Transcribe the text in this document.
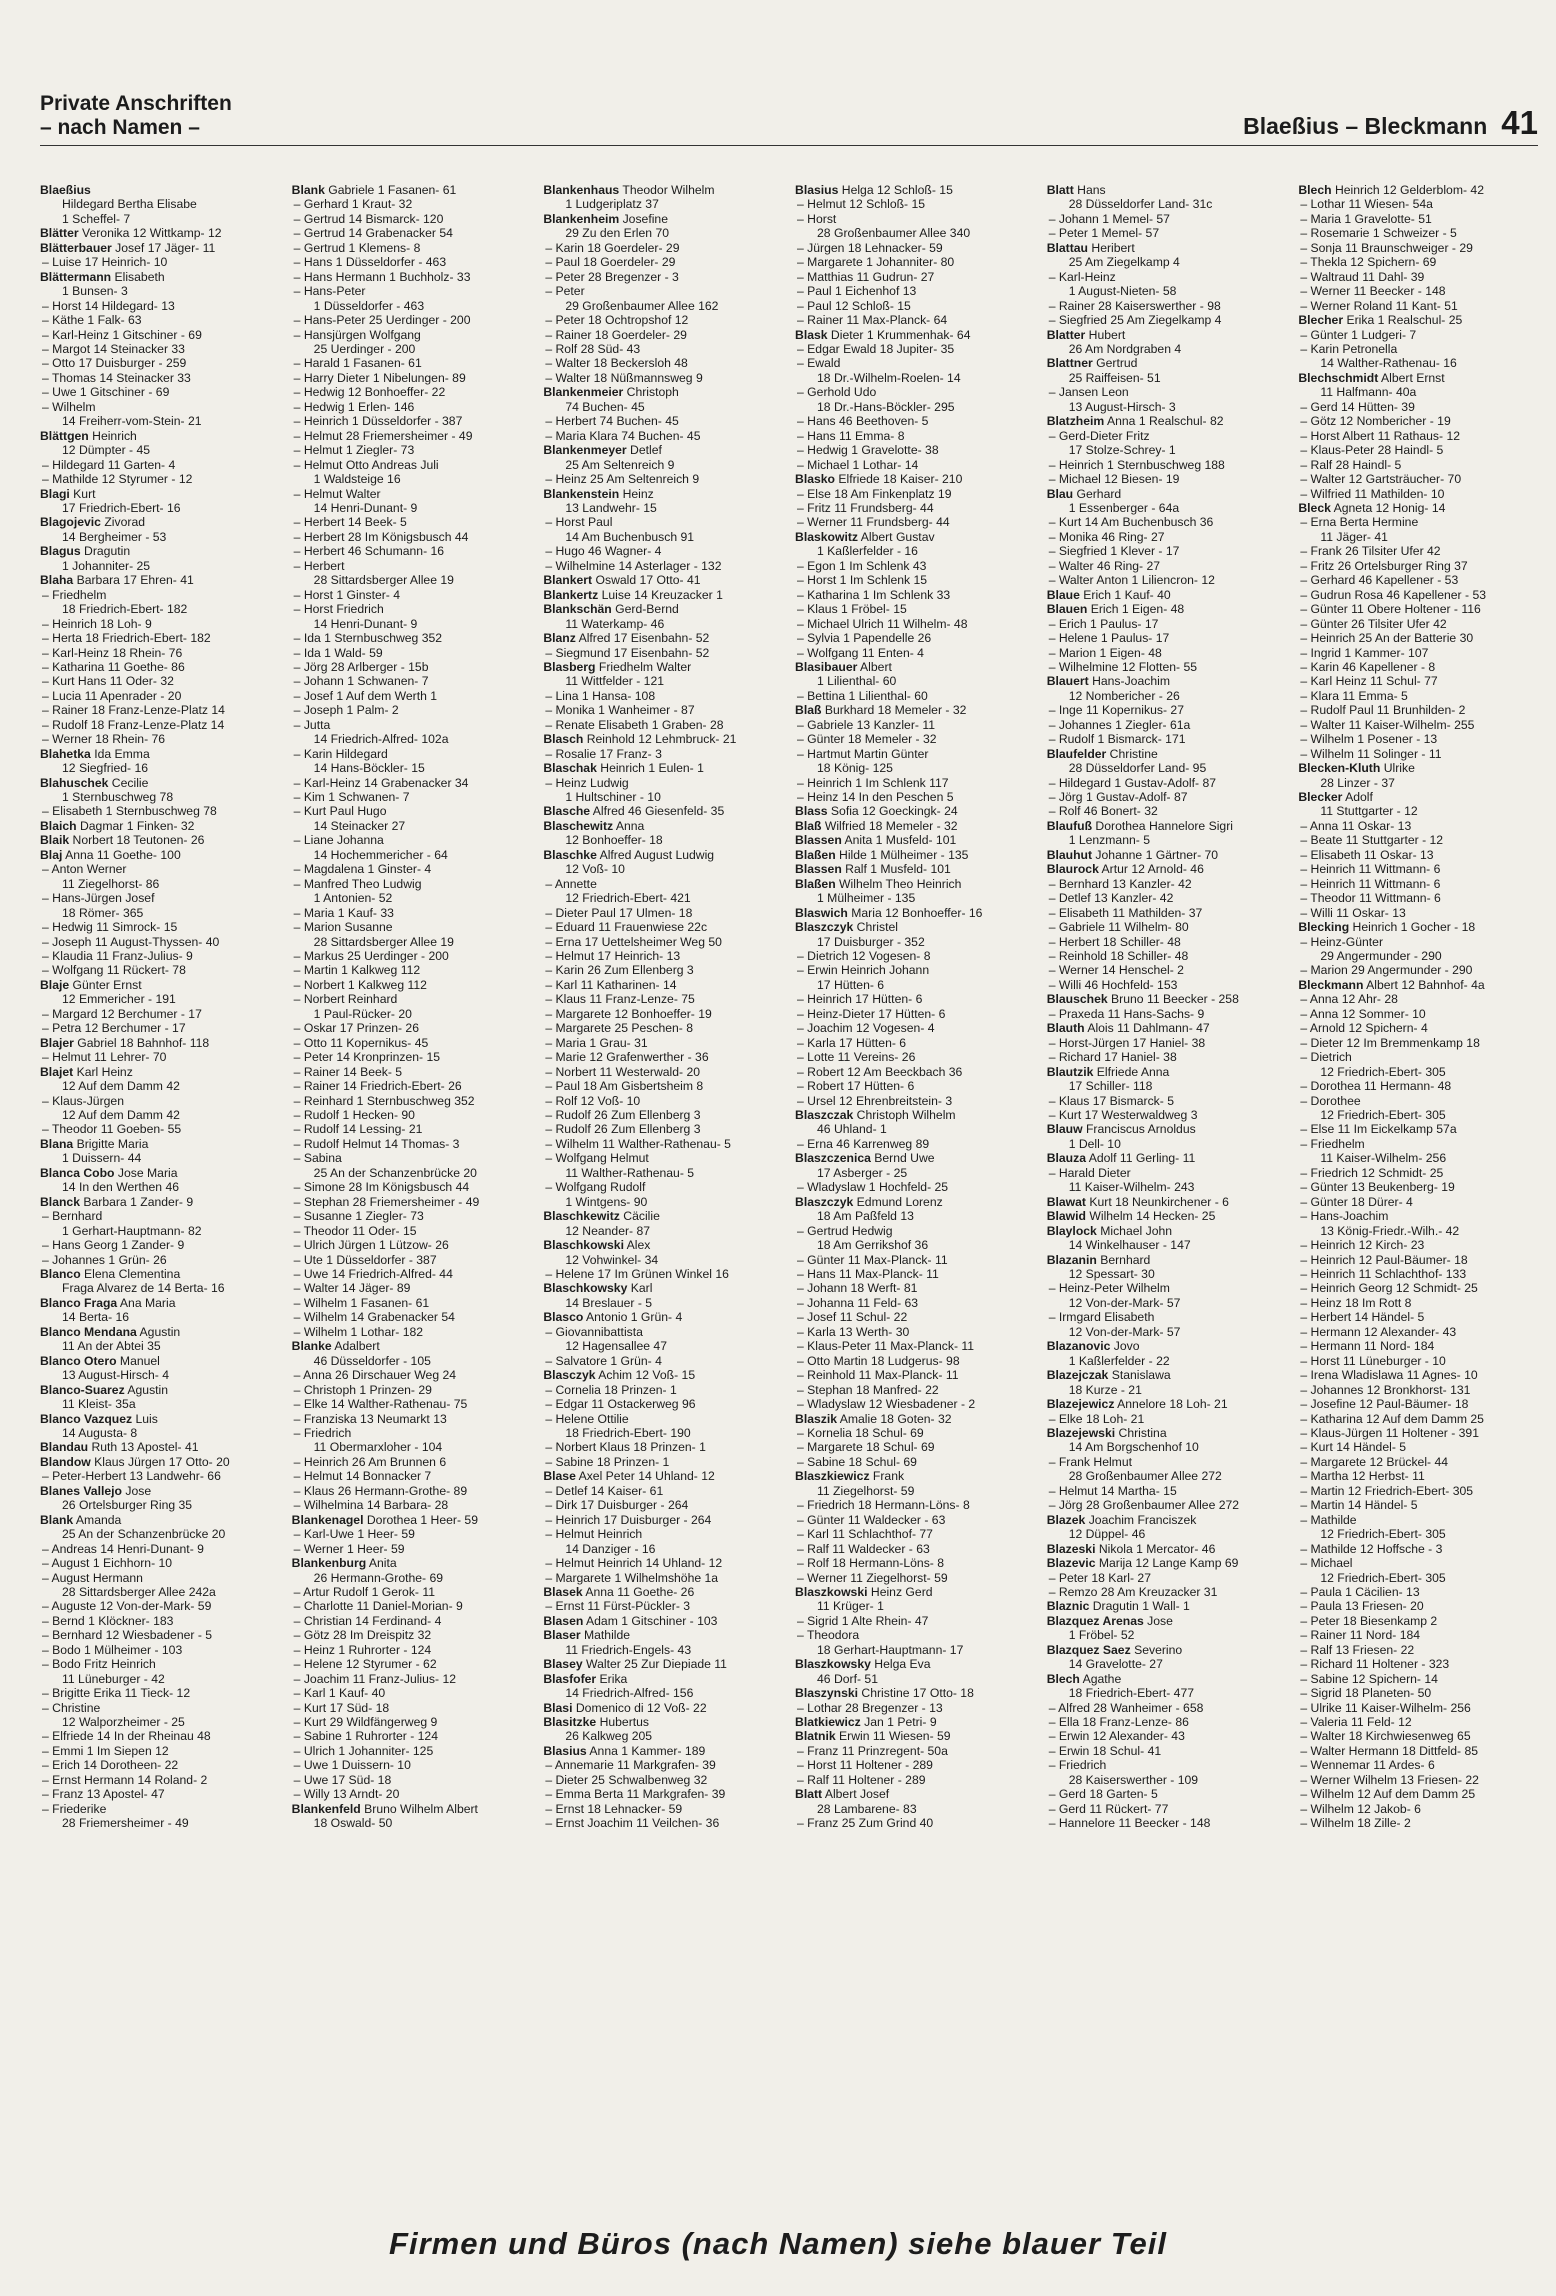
Private Anschriften
– nach Namen –	Blaeßius – Bleckmann 41
Blaeßius
Hildegard Bertha Elisabe
1 Scheffel- 7
Blätter Veronika 12 Wittkamp- 12
Blätterbauer Josef 17 Jäger- 11
– Luise 17 Heinrich- 10
Blättermann Elisabeth
1 Bunsen- 3
– Horst 14 Hildegard- 13
– Käthe 1 Falk- 63
– Karl-Heinz 1 Gitschiner - 69
– Margot 14 Steinacker 33
– Otto 17 Duisburger - 259
– Thomas 14 Steinacker 33
– Uwe 1 Gitschiner - 69
– Wilhelm
14 Freiherr-vom-Stein- 21
Blättgen Heinrich
12 Dümpter - 45
– Hildegard 11 Garten- 4
– Mathilde 12 Styrumer - 12
Blagi Kurt
17 Friedrich-Ebert- 16
Blagojevic Zivorad
14 Bergheimer - 53
Blagus Dragutin
1 Johanniter- 25
Blaha Barbara 17 Ehren- 41
– Friedhelm
18 Friedrich-Ebert- 182
– Heinrich 18 Loh- 9
– Herta 18 Friedrich-Ebert- 182
– Karl-Heinz 18 Rhein- 76
– Katharina 11 Goethe- 86
– Kurt Hans 11 Oder- 32
– Lucia 11 Apenrader - 20
– Rainer 18 Franz-Lenze-Platz 14
– Rudolf 18 Franz-Lenze-Platz 14
– Werner 18 Rhein- 76
Blahetka Ida Emma
12 Siegfried- 16
Blahuschek Cecilie
1 Sternbuschweg 78
– Elisabeth 1 Sternbuschweg 78
Blaich Dagmar 1 Finken- 32
Blaik Norbert 18 Teutonen- 26
Blaj Anna 11 Goethe- 100
– Anton Werner
11 Ziegelhorst- 86
– Hans-Jürgen Josef
18 Römer- 365
– Hedwig 11 Simrock- 15
– Joseph 11 August-Thyssen- 40
– Klaudia 11 Franz-Julius- 9
– Wolfgang 11 Rückert- 78
Blaje Günter Ernst
12 Emmericher - 191
– Margard 12 Berchumer - 17
– Petra 12 Berchumer - 17
Blajer Gabriel 18 Bahnhof- 118
– Helmut 11 Lehrer- 70
Blajet Karl Heinz
12 Auf dem Damm 42
– Klaus-Jürgen
12 Auf dem Damm 42
– Theodor 11 Goeben- 55
Blana Brigitte Maria
1 Duissern- 44
Blanca Cobo Jose Maria
14 In den Werthen 46
Blanck Barbara 1 Zander- 9
– Bernhard
1 Gerhart-Hauptmann- 82
– Hans Georg 1 Zander- 9
– Johannes 1 Grün- 26
Blanco Elena Clementina
Fraga Alvarez de 14 Berta- 16
Blanco Fraga Ana Maria
14 Berta- 16
Blanco Mendana Agustin
11 An der Abtei 35
Blanco Otero Manuel
13 August-Hirsch- 4
Blanco-Suarez Agustin
11 Kleist- 35a
Blanco Vazquez Luis
14 Augusta- 8
Blandau Ruth 13 Apostel- 41
Blandow Klaus Jürgen 17 Otto- 20
– Peter-Herbert 13 Landwehr- 66
Blanes Vallejo Jose
26 Ortelsburger Ring 35
Blank Amanda
25 An der Schanzenbrücke 20
– Andreas 14 Henri-Dunant- 9
– August 1 Eichhorn- 10
– August Hermann
28 Sittardsberger Allee 242a
– Auguste 12 Von-der-Mark- 59
– Bernd 1 Klöckner- 183
– Bernhard 12 Wiesbadener - 5
– Bodo 1 Mülheimer - 103
– Bodo Fritz Heinrich
11 Lüneburger - 42
– Brigitte Erika 11 Tieck- 12
– Christine
12 Walporzheimer - 25
– Elfriede 14 In der Rheinau 48
– Emmi 1 Im Siepen 12
– Erich 14 Dorotheen- 22
– Ernst Hermann 14 Roland- 2
– Franz 13 Apostel- 47
– Friederike
28 Friemersheimer - 49
Blank Gabriele 1 Fasanen- 61
– Gerhard 1 Kraut- 32
– Gertrud 14 Bismarck- 120
– Gertrud 14 Grabenacker 54
– Gertrud 1 Klemens- 8
– Hans 1 Düsseldorfer - 463
– Hans Hermann 1 Buchholz- 33
– Hans-Peter
1 Düsseldorfer - 463
– Hans-Peter 25 Uerdinger - 200
– Hansjürgen Wolfgang
25 Uerdinger - 200
– Harald 1 Fasanen- 61
– Harry Dieter 1 Nibelungen- 89
– Hedwig 12 Bonhoeffer- 22
– Hedwig 1 Erlen- 146
– Heinrich 1 Düsseldorfer - 387
– Helmut 28 Friemersheimer - 49
– Helmut 1 Ziegler- 73
– Helmut Otto Andreas Juli
1 Waldsteige 16
– Helmut Walter
14 Henri-Dunant- 9
– Herbert 14 Beek- 5
– Herbert 28 Im Königsbusch 44
– Herbert 46 Schumann- 16
– Herbert
28 Sittardsberger Allee 19
– Horst 1 Ginster- 4
– Horst Friedrich
14 Henri-Dunant- 9
– Ida 1 Sternbuschweg 352
– Ida 1 Wald- 59
– Jörg 28 Arlberger - 15b
– Johann 1 Schwanen- 7
– Josef 1 Auf dem Werth 1
– Joseph 1 Palm- 2
– Jutta
14 Friedrich-Alfred- 102a
– Karin Hildegard
14 Hans-Böckler- 15
– Karl-Heinz 14 Grabenacker 34
– Kim 1 Schwanen- 7
– Kurt Paul Hugo
14 Steinacker 27
– Liane Johanna
14 Hochemmericher - 64
– Magdalena 1 Ginster- 4
– Manfred Theo Ludwig
1 Antonien- 52
– Maria 1 Kauf- 33
– Marion Susanne
28 Sittardsberger Allee 19
– Markus 25 Uerdinger - 200
– Martin 1 Kalkweg 112
– Norbert 1 Kalkweg 112
– Norbert Reinhard
1 Paul-Rücker- 20
– Oskar 17 Prinzen- 26
– Otto 11 Kopernikus- 45
– Peter 14 Kronprinzen- 15
– Rainer 14 Beek- 5
– Rainer 14 Friedrich-Ebert- 26
– Reinhard 1 Sternbuschweg 352
– Rudolf 1 Hecken- 90
– Rudolf 14 Lessing- 21
– Rudolf Helmut 14 Thomas- 3
– Sabina
25 An der Schanzenbrücke 20
– Simone 28 Im Königsbusch 44
– Stephan 28 Friemersheimer - 49
– Susanne 1 Ziegler- 73
– Theodor 11 Oder- 15
– Ulrich Jürgen 1 Lützow- 26
– Ute 1 Düsseldorfer - 387
– Uwe 14 Friedrich-Alfred- 44
– Walter 14 Jäger- 89
– Wilhelm 1 Fasanen- 61
– Wilhelm 14 Grabenacker 54
– Wilhelm 1 Lothar- 182
Blanke Adalbert
46 Düsseldorfer - 105
– Anna 26 Dirschauer Weg 24
– Christoph 1 Prinzen- 29
– Elke 14 Walther-Rathenau- 75
– Franziska 13 Neumarkt 13
– Friedrich
11 Obermarxloher - 104
– Heinrich 26 Am Brunnen 6
– Helmut 14 Bonnacker 7
– Klaus 26 Hermann-Grothe- 89
– Wilhelmina 14 Barbara- 28
Blankenagel Dorothea 1 Heer- 59
– Karl-Uwe 1 Heer- 59
– Werner 1 Heer- 59
Blankenburg Anita
26 Hermann-Grothe- 69
– Artur Rudolf 1 Gerok- 11
– Charlotte 11 Daniel-Morian- 9
– Christian 14 Ferdinand- 4
– Götz 28 Im Dreispitz 32
– Heinz 1 Ruhrorter - 124
– Helene 12 Styrumer - 62
– Joachim 11 Franz-Julius- 12
– Karl 1 Kauf- 40
– Kurt 17 Süd- 18
– Kurt 29 Wildfängerweg 9
– Sabine 1 Ruhrorter - 124
– Ulrich 1 Johanniter- 125
– Uwe 1 Duissern- 10
– Uwe 17 Süd- 18
– Willy 13 Arndt- 20
Blankenfeld Bruno Wilhelm Albert
18 Oswald- 50
Blankenhaus Theodor Wilhelm
1 Ludgeriplatz 37
Blankenheim Josefine
29 Zu den Erlen 70
– Karin 18 Goerdeler- 29
– Paul 18 Goerdeler- 29
– Peter 28 Bregenzer - 3
– Peter
29 Großenbaumer Allee 162
– Peter 18 Ochtropshof 12
– Rainer 18 Goerdeler- 29
– Rolf 28 Süd- 43
– Walter 18 Beckersloh 48
– Walter 18 Nüßmannsweg 9
Blankenmeier Christoph
74 Buchen- 45
– Herbert 74 Buchen- 45
– Maria Klara 74 Buchen- 45
Blankenmeyer Detlef
25 Am Seltenreich 9
– Heinz 25 Am Seltenreich 9
Blankenstein Heinz
13 Landwehr- 15
– Horst Paul
14 Am Buchenbusch 91
– Hugo 46 Wagner- 4
– Wilhelmine 14 Asterlager - 132
Blankert Oswald 17 Otto- 41
Blankertz Luise 14 Kreuzacker 1
Blankschän Gerd-Bernd
11 Waterkamp- 46
Blanz Alfred 17 Eisenbahn- 52
– Siegmund 17 Eisenbahn- 52
Blasberg Friedhelm Walter
11 Wittfelder - 121
– Lina 1 Hansa- 108
– Monika 1 Wanheimer - 87
– Renate Elisabeth 1 Graben- 28
Blasch Reinhold 12 Lehmbruck- 21
– Rosalie 17 Franz- 3
Blaschak Heinrich 1 Eulen- 1
– Heinz Ludwig
1 Hultschiner - 10
Blasche Alfred 46 Giesenfeld- 35
Blaschewitz Anna
12 Bonhoeffer- 18
Blaschke Alfred August Ludwig
12 Voß- 10
– Annette
12 Friedrich-Ebert- 421
– Dieter Paul 17 Ulmen- 18
– Eduard 11 Frauenwiese 22c
– Erna 17 Uettelsheimer Weg 50
– Helmut 17 Heinrich- 13
– Karin 26 Zum Ellenberg 3
– Karl 11 Katharinen- 14
– Klaus 11 Franz-Lenze- 75
– Margarete 12 Bonhoeffer- 19
– Margarete 25 Peschen- 8
– Maria 1 Grau- 31
– Marie 12 Grafenwerther - 36
– Norbert 11 Westerwald- 20
– Paul 18 Am Gisbertsheim 8
– Rolf 12 Voß- 10
– Rudolf 26 Zum Ellenberg 3
– Rudolf 26 Zum Ellenberg 3
– Wilhelm 11 Walther-Rathenau- 5
– Wolfgang Helmut
11 Walther-Rathenau- 5
– Wolfgang Rudolf
1 Wintgens- 90
Blaschkewitz Cäcilie
12 Neander- 87
Blaschkowski Alex
12 Vohwinkel- 34
– Helene 17 Im Grünen Winkel 16
Blaschkowsky Karl
14 Breslauer - 5
Blasco Antonio 1 Grün- 4
– Giovannibattista
12 Hagensallee 47
– Salvatore 1 Grün- 4
Blasczyk Achim 12 Voß- 15
– Cornelia 18 Prinzen- 1
– Edgar 11 Ostackerweg 96
– Helene Ottilie
18 Friedrich-Ebert- 190
– Norbert Klaus 18 Prinzen- 1
– Sabine 18 Prinzen- 1
Blase Axel Peter 14 Uhland- 12
– Detlef 14 Kaiser- 61
– Dirk 17 Duisburger - 264
– Heinrich 17 Duisburger - 264
– Helmut Heinrich
14 Danziger - 16
– Helmut Heinrich 14 Uhland- 12
– Margarete 1 Wilhelmshöhe 1a
Blasek Anna 11 Goethe- 26
– Ernst 11 Fürst-Pückler- 3
Blasen Adam 1 Gitschiner - 103
Blaser Mathilde
11 Friedrich-Engels- 43
Blasey Walter 25 Zur Diepiade 11
Blasfofer Erika
14 Friedrich-Alfred- 156
Blasi Domenico di 12 Voß- 22
Blasitzke Hubertus
26 Kalkweg 205
Blasius Anna 1 Kammer- 189
– Annemarie 11 Markgrafen- 39
– Dieter 25 Schwalbenweg 32
– Emma Berta 11 Markgrafen- 39
– Ernst 18 Lehnacker- 59
– Ernst Joachim 11 Veilchen- 36
Blasius Helga 12 Schloß- 15
– Helmut 12 Schloß- 15
– Horst
28 Großenbaumer Allee 340
– Jürgen 18 Lehnacker- 59
– Margarete 1 Johanniter- 80
– Matthias 11 Gudrun- 27
– Paul 1 Eichenhof 13
– Paul 12 Schloß- 15
– Rainer 11 Max-Planck- 64
Blask Dieter 1 Krummenhak- 64
– Edgar Ewald 18 Jupiter- 35
– Ewald
18 Dr.-Wilhelm-Roelen- 14
– Gerhold Udo
18 Dr.-Hans-Böckler- 295
– Hans 46 Beethoven- 5
– Hans 11 Emma- 8
– Hedwig 1 Gravelotte- 38
– Michael 1 Lothar- 14
Blasko Elfriede 18 Kaiser- 210
– Else 18 Am Finkenplatz 19
– Fritz 11 Frundsberg- 44
– Werner 11 Frundsberg- 44
Blaskowitz Albert Gustav
1 Kaßlerfelder - 16
– Egon 1 Im Schlenk 43
– Horst 1 Im Schlenk 15
– Katharina 1 Im Schlenk 33
– Klaus 1 Fröbel- 15
– Michael Ulrich 11 Wilhelm- 48
– Sylvia 1 Papendelle 26
– Wolfgang 11 Enten- 4
Blasibauer Albert
1 Lilienthal- 60
– Bettina 1 Lilienthal- 60
Blaß Burkhard 18 Memeler - 32
– Gabriele 13 Kanzler- 11
– Günter 18 Memeler - 32
– Hartmut Martin Günter
18 König- 125
– Heinrich 1 Im Schlenk 117
– Heinz 14 In den Peschen 5
Blass Sofia 12 Goeckingk- 24
Blaß Wilfried 18 Memeler - 32
Blassen Anita 1 Musfeld- 101
Blaßen Hilde 1 Mülheimer - 135
Blassen Ralf 1 Musfeld- 101
Blaßen Wilhelm Theo Heinrich
1 Mülheimer - 135
Blaswich Maria 12 Bonhoeffer- 16
Blaszczyk Christel
17 Duisburger - 352
– Dietrich 12 Vogesen- 8
– Erwin Heinrich Johann
17 Hütten- 6
– Heinrich 17 Hütten- 6
– Heinz-Dieter 17 Hütten- 6
– Joachim 12 Vogesen- 4
– Karla 17 Hütten- 6
– Lotte 11 Vereins- 26
– Robert 12 Am Beeckbach 36
– Robert 17 Hütten- 6
– Ursel 12 Ehrenbreitstein- 3
Blaszczak Christoph Wilhelm
46 Uhland- 1
– Erna 46 Karrenweg 89
Blaszczenica Bernd Uwe
17 Asberger - 25
– Wladyslaw 1 Hochfeld- 25
Blaszczyk Edmund Lorenz
18 Am Paßfeld 13
– Gertrud Hedwig
18 Am Gerrikshof 36
– Günter 11 Max-Planck- 11
– Hans 11 Max-Planck- 11
– Johann 18 Werft- 81
– Johanna 11 Feld- 63
– Josef 11 Schul- 22
– Karla 13 Werth- 30
– Klaus-Peter 11 Max-Planck- 11
– Otto Martin 18 Ludgerus- 98
– Reinhold 11 Max-Planck- 11
– Stephan 18 Manfred- 22
– Wladyslaw 12 Wiesbadener - 2
Blaszik Amalie 18 Goten- 32
– Kornelia 18 Schul- 69
– Margarete 18 Schul- 69
– Sabine 18 Schul- 69
Blaszkiewicz Frank
11 Ziegelhorst- 59
– Friedrich 18 Hermann-Löns- 8
– Günter 11 Waldecker - 63
– Karl 11 Schlachthof- 77
– Ralf 11 Waldecker - 63
– Rolf 18 Hermann-Löns- 8
– Werner 11 Ziegelhorst- 59
Blaszkowski Heinz Gerd
11 Krüger- 1
– Sigrid 1 Alte Rhein- 47
– Theodora
18 Gerhart-Hauptmann- 17
Blaszkowsky Helga Eva
46 Dorf- 51
Blaszynski Christine 17 Otto- 18
– Lothar 28 Bregenzer - 13
Blatkiewicz Jan 1 Petri- 9
Blatnik Erwin 11 Wiesen- 59
– Franz 11 Prinzregent- 50a
– Horst 11 Holtener - 289
– Ralf 11 Holtener - 289
Blatt Albert Josef
28 Lambarene- 83
– Franz 25 Zum Grind 40
Blatt Hans
28 Düsseldorfer Land- 31c
– Johann 1 Memel- 57
– Peter 1 Memel- 57
Blattau Heribert
25 Am Ziegelkamp 4
– Karl-Heinz
1 August-Nieten- 58
– Rainer 28 Kaiserswerther - 98
– Siegfried 25 Am Ziegelkamp 4
Blatter Hubert
26 Am Nordgraben 4
Blattner Gertrud
25 Raiffeisen- 51
– Jansen Leon
13 August-Hirsch- 3
Blatzheim Anna 1 Realschul- 82
– Gerd-Dieter Fritz
17 Stolze-Schrey- 1
– Heinrich 1 Sternbuschweg 188
– Michael 12 Biesen- 19
Blau Gerhard
1 Essenberger - 64a
– Kurt 14 Am Buchenbusch 36
– Monika 46 Ring- 27
– Siegfried 1 Klever - 17
– Walter 46 Ring- 27
– Walter Anton 1 Liliencron- 12
Blaue Erich 1 Kauf- 40
Blauen Erich 1 Eigen- 48
– Erich 1 Paulus- 17
– Helene 1 Paulus- 17
– Marion 1 Eigen- 48
– Wilhelmine 12 Flotten- 55
Blauert Hans-Joachim
12 Nombericher - 26
– Inge 11 Kopernikus- 27
– Johannes 1 Ziegler- 61a
– Rudolf 1 Bismarck- 171
Blaufelder Christine
28 Düsseldorfer Land- 95
– Hildegard 1 Gustav-Adolf- 87
– Jörg 1 Gustav-Adolf- 87
– Rolf 46 Bonert- 32
Blaufuß Dorothea Hannelore Sigri
1 Lenzmann- 5
Blauhut Johanne 1 Gärtner- 70
Blaurock Artur 12 Arnold- 46
– Bernhard 13 Kanzler- 42
– Detlef 13 Kanzler- 42
– Elisabeth 11 Mathilden- 37
– Gabriele 11 Wilhelm- 80
– Herbert 18 Schiller- 48
– Reinhold 18 Schiller- 48
– Werner 14 Henschel- 2
– Willi 46 Hochfeld- 153
Blauschek Bruno 11 Beecker - 258
– Praxeda 11 Hans-Sachs- 9
Blauth Alois 11 Dahlmann- 47
– Horst-Jürgen 17 Haniel- 38
– Richard 17 Haniel- 38
Blautzik Elfriede Anna
17 Schiller- 118
– Klaus 17 Bismarck- 5
– Kurt 17 Westerwaldweg 3
Blauw Franciscus Arnoldus
1 Dell- 10
Blauza Adolf 11 Gerling- 11
– Harald Dieter
11 Kaiser-Wilhelm- 243
Blawat Kurt 18 Neunkirchener - 6
Blawid Wilhelm 14 Hecken- 25
Blaylock Michael John
14 Winkelhauser - 147
Blazanin Bernhard
12 Spessart- 30
– Heinz-Peter Wilhelm
12 Von-der-Mark- 57
– Irmgard Elisabeth
12 Von-der-Mark- 57
Blazanovic Jovo
1 Kaßlerfelder - 22
Blazejczak Stanislawa
18 Kurze - 21
Blazejewicz Annelore 18 Loh- 21
– Elke 18 Loh- 21
Blazejewski Christina
14 Am Borgschenhof 10
– Frank Helmut
28 Großenbaumer Allee 272
– Helmut 14 Martha- 15
– Jörg 28 Großenbaumer Allee 272
Blazek Joachim Franciszek
12 Düppel- 46
Blazeski Nikola 1 Mercator- 46
Blazevic Marija 12 Lange Kamp 69
– Peter 18 Karl- 27
– Remzo 28 Am Kreuzacker 31
Blaznic Dragutin 1 Wall- 1
Blazquez Arenas Jose
1 Fröbel- 52
Blazquez Saez Severino
14 Gravelotte- 27
Blech Agathe
18 Friedrich-Ebert- 477
– Alfred 28 Wanheimer - 658
– Ella 18 Franz-Lenze- 86
– Erwin 12 Alexander- 43
– Erwin 18 Schul- 41
– Friedrich
28 Kaiserswerther - 109
– Gerd 18 Garten- 5
– Gerd 11 Rückert- 77
– Hannelore 11 Beecker - 148
Blech Heinrich 12 Gelderblom- 42
– Lothar 11 Wiesen- 54a
– Maria 1 Gravelotte- 51
– Rosemarie 1 Schweizer - 5
– Sonja 11 Braunschweiger - 29
– Thekla 12 Spichern- 69
– Waltraud 11 Dahl- 39
– Werner 11 Beecker - 148
– Werner Roland 11 Kant- 51
Blecher Erika 1 Realschul- 25
– Günter 1 Ludgeri- 7
– Karin Petronella
14 Walther-Rathenau- 16
Blechschmidt Albert Ernst
11 Halfmann- 40a
– Gerd 14 Hütten- 39
– Götz 12 Nombericher - 19
– Horst Albert 11 Rathaus- 12
– Klaus-Peter 28 Haindl- 5
– Ralf 28 Haindl- 5
– Walter 12 Gartsträucher- 70
– Wilfried 11 Mathilden- 10
Bleck Agneta 12 Honig- 14
– Erna Berta Hermine
11 Jäger- 41
– Frank 26 Tilsiter Ufer 42
– Fritz 26 Ortelsburger Ring 37
– Gerhard 46 Kapellener - 53
– Gudrun Rosa 46 Kapellener - 53
– Günter 11 Obere Holtener - 116
– Günter 26 Tilsiter Ufer 42
– Heinrich 25 An der Batterie 30
– Ingrid 1 Kammer- 107
– Karin 46 Kapellener - 8
– Karl Heinz 11 Schul- 77
– Klara 11 Emma- 5
– Rudolf Paul 11 Brunhilden- 2
– Walter 11 Kaiser-Wilhelm- 255
– Wilhelm 1 Posener - 13
– Wilhelm 11 Solinger - 11
Blecken-Kluth Ulrike
28 Linzer - 37
Blecker Adolf
11 Stuttgarter - 12
– Anna 11 Oskar- 13
– Beate 11 Stuttgarter - 12
– Elisabeth 11 Oskar- 13
– Heinrich 11 Wittmann- 6
– Heinrich 11 Wittmann- 6
– Theodor 11 Wittmann- 6
– Willi 11 Oskar- 13
Blecking Heinrich 1 Gocher - 18
– Heinz-Günter
29 Angermunder - 290
– Marion 29 Angermunder - 290
Bleckmann Albert 12 Bahnhof- 4a
– Anna 12 Ahr- 28
– Anna 12 Sommer- 10
– Arnold 12 Spichern- 4
– Dieter 12 Im Bremmenkamp 18
– Dietrich
12 Friedrich-Ebert- 305
– Dorothea 11 Hermann- 48
– Dorothee
12 Friedrich-Ebert- 305
– Else 11 Im Eickelkamp 57a
– Friedhelm
11 Kaiser-Wilhelm- 256
– Friedrich 12 Schmidt- 25
– Günter 13 Beukenberg- 19
– Günter 18 Dürer- 4
– Hans-Joachim
13 König-Friedr.-Wilh.- 42
– Heinrich 12 Kirch- 23
– Heinrich 12 Paul-Bäumer- 18
– Heinrich 11 Schlachthof- 133
– Heinrich Georg 12 Schmidt- 25
– Heinz 18 Im Rott 8
– Herbert 14 Händel- 5
– Hermann 12 Alexander- 43
– Hermann 11 Nord- 184
– Horst 11 Lüneburger - 10
– Irena Wladislawa 11 Agnes- 10
– Johannes 12 Bronkhorst- 131
– Josefine 12 Paul-Bäumer- 18
– Katharina 12 Auf dem Damm 25
– Klaus-Jürgen 11 Holtener - 391
– Kurt 14 Händel- 5
– Margarete 12 Brückel- 44
– Martha 12 Herbst- 11
– Martin 12 Friedrich-Ebert- 305
– Martin 14 Händel- 5
– Mathilde
12 Friedrich-Ebert- 305
– Mathilde 12 Hoffsche - 3
– Michael
12 Friedrich-Ebert- 305
– Paula 1 Cäcilien- 13
– Paula 13 Friesen- 20
– Peter 18 Biesenkamp 2
– Rainer 11 Nord- 184
– Ralf 13 Friesen- 22
– Richard 11 Holtener - 323
– Sabine 12 Spichern- 14
– Sigrid 18 Planeten- 50
– Ulrike 11 Kaiser-Wilhelm- 256
– Valeria 11 Feld- 12
– Walter 18 Kirchwiesenweg 65
– Walter Hermann 18 Dittfeld- 85
– Wennemar 11 Ardes- 6
– Werner Wilhelm 13 Friesen- 22
– Wilhelm 12 Auf dem Damm 25
– Wilhelm 12 Jakob- 6
– Wilhelm 18 Zille- 2
Firmen und Büros (nach Namen) siehe blauer Teil
